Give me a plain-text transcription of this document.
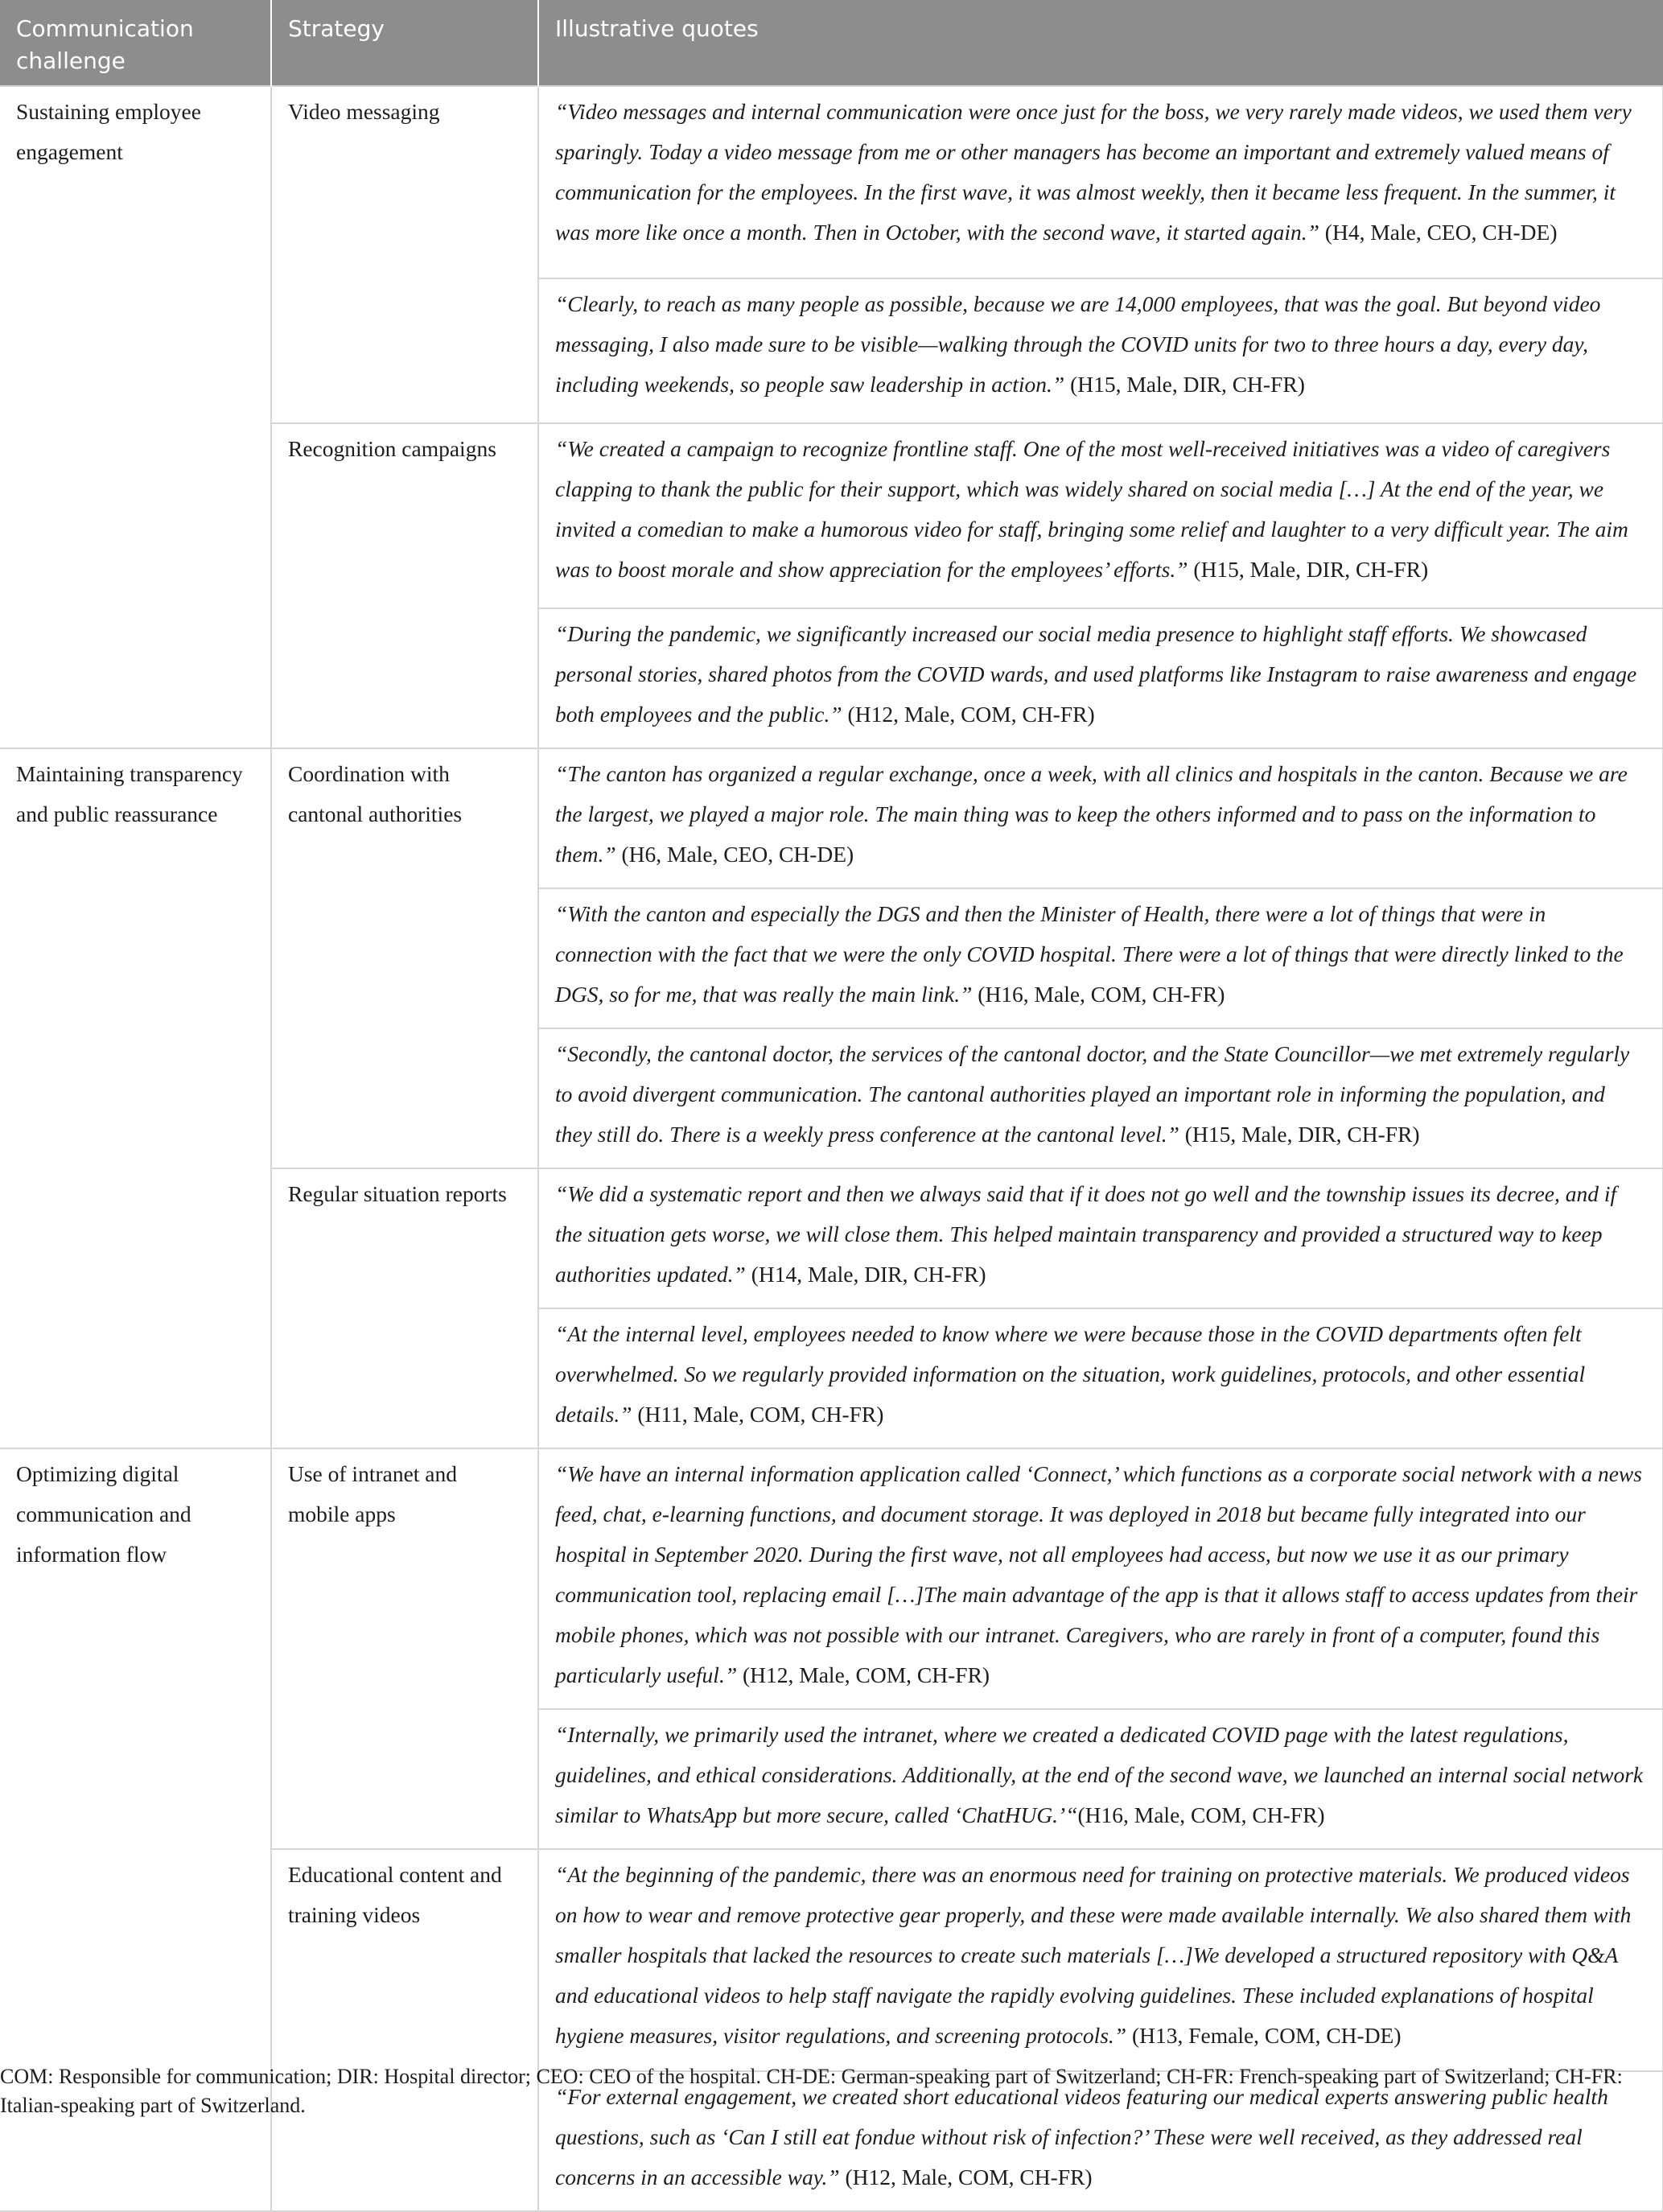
Communication challenge	Strategy	Illustrative quotes
Sustaining employee engagement	Video messaging	“Video messages and internal communication were once just for the boss, we very rarely made videos, we used them very sparingly. Today a video message from me or other managers has become an important and extremely valued means of communication for the employees. In the first wave, it was almost weekly, then it became less frequent. In the summer, it was more like once a month. Then in October, with the second wave, it started again.” (H4, Male, CEO, CH-DE)
		“Clearly, to reach as many people as possible, because we are 14,000 employees, that was the goal. But beyond video messaging, I also made sure to be visible—walking through the COVID units for two to three hours a day, every day, including weekends, so people saw leadership in action.” (H15, Male, DIR, CH-FR)
	Recognition campaigns	“We created a campaign to recognize frontline staff. One of the most well-received initiatives was a video of caregivers clapping to thank the public for their support, which was widely shared on social media […] At the end of the year, we invited a comedian to make a humorous video for staff, bringing some relief and laughter to a very difficult year. The aim was to boost morale and show appreciation for the employees’ efforts.” (H15, Male, DIR, CH-FR)
		“During the pandemic, we significantly increased our social media presence to highlight staff efforts. We showcased personal stories, shared photos from the COVID wards, and used platforms like Instagram to raise awareness and engage both employees and the public.” (H12, Male, COM, CH-FR)
Maintaining transparency and public reassurance	Coordination with cantonal authorities	“The canton has organized a regular exchange, once a week, with all clinics and hospitals in the canton. Because we are the largest, we played a major role. The main thing was to keep the others informed and to pass on the information to them.” (H6, Male, CEO, CH-DE)
		“With the canton and especially the DGS and then the Minister of Health, there were a lot of things that were in connection with the fact that we were the only COVID hospital. There were a lot of things that were directly linked to the DGS, so for me, that was really the main link.” (H16, Male, COM, CH-FR)
		“Secondly, the cantonal doctor, the services of the cantonal doctor, and the State Councillor—we met extremely regularly to avoid divergent communication. The cantonal authorities played an important role in informing the population, and they still do. There is a weekly press conference at the cantonal level.” (H15, Male, DIR, CH-FR)
	Regular situation reports	“We did a systematic report and then we always said that if it does not go well and the township issues its decree, and if the situation gets worse, we will close them. This helped maintain transparency and provided a structured way to keep authorities updated.” (H14, Male, DIR, CH-FR)
		“At the internal level, employees needed to know where we were because those in the COVID departments often felt overwhelmed. So we regularly provided information on the situation, work guidelines, protocols, and other essential details.” (H11, Male, COM, CH-FR)
Optimizing digital communication and information flow	Use of intranet and mobile apps	“We have an internal information application called ‘Connect,’ which functions as a corporate social network with a news feed, chat, e-learning functions, and document storage. It was deployed in 2018 but became fully integrated into our hospital in September 2020. During the first wave, not all employees had access, but now we use it as our primary communication tool, replacing email […]The main advantage of the app is that it allows staff to access updates from their mobile phones, which was not possible with our intranet. Caregivers, who are rarely in front of a computer, found this particularly useful.” (H12, Male, COM, CH-FR)
		“Internally, we primarily used the intranet, where we created a dedicated COVID page with the latest regulations, guidelines, and ethical considerations. Additionally, at the end of the second wave, we launched an internal social network similar to WhatsApp but more secure, called ‘ChatHUG.’“(H16, Male, COM, CH-FR)
	Educational content and training videos	“At the beginning of the pandemic, there was an enormous need for training on protective materials. We produced videos on how to wear and remove protective gear properly, and these were made available internally. We also shared them with smaller hospitals that lacked the resources to create such materials […]We developed a structured repository with Q&A and educational videos to help staff navigate the rapidly evolving guidelines. These included explanations of hospital hygiene measures, visitor regulations, and screening protocols.” (H13, Female, COM, CH-DE)
		“For external engagement, we created short educational videos featuring our medical experts answering public health questions, such as ‘Can I still eat fondue without risk of infection?’ These were well received, as they addressed real concerns in an accessible way.” (H12, Male, COM, CH-FR)
COM: Responsible for communication; DIR: Hospital director; CEO: CEO of the hospital. CH-DE: German-speaking part of Switzerland; CH-FR: French-speaking part of Switzerland; CH-FR: Italian-speaking part of Switzerland.
